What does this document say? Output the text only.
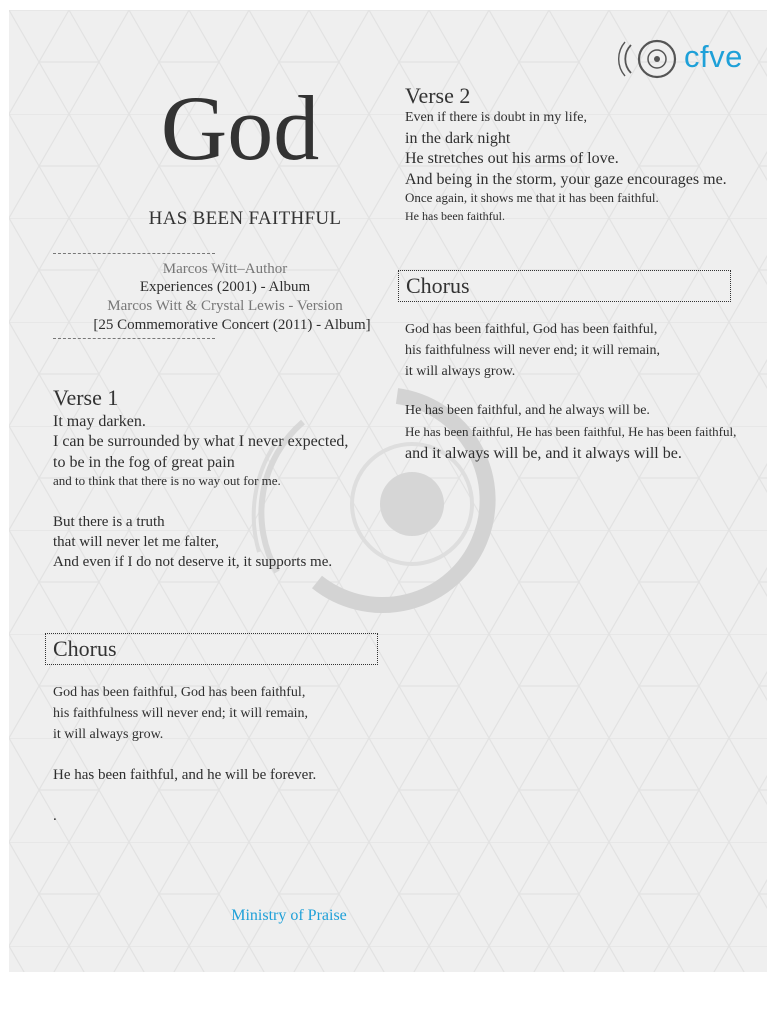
cfve
God
HAS BEEN FAITHFUL
Marcos Witt–Author
Experiences (2001) - Album
Marcos Witt & Crystal Lewis - Version
[25 Commemorative Concert (2011) - Album]
Verse 1
It may darken.
I can be surrounded by what I never expected,
to be in the fog of great pain
and to think that there is no way out for me.
But there is a truth
that will never let me falter,
And even if I do not deserve it, it supports me.
Chorus
God has been faithful, God has been faithful,
his faithfulness will never end; it will remain,
it will always grow.
He has been faithful, and he will be forever.
.
Verse 2
Even if there is doubt in my life,
in the dark night
He stretches out his arms of love.
And being in the storm, your gaze encourages me.
Once again, it shows me that it has been faithful.
He has been faithful.
Chorus
God has been faithful, God has been faithful,
his faithfulness will never end; it will remain,
it will always grow.
He has been faithful, and he always will be.
He has been faithful, He has been faithful, He has been faithful,
and it always will be, and it always will be.
Ministry of Praise
